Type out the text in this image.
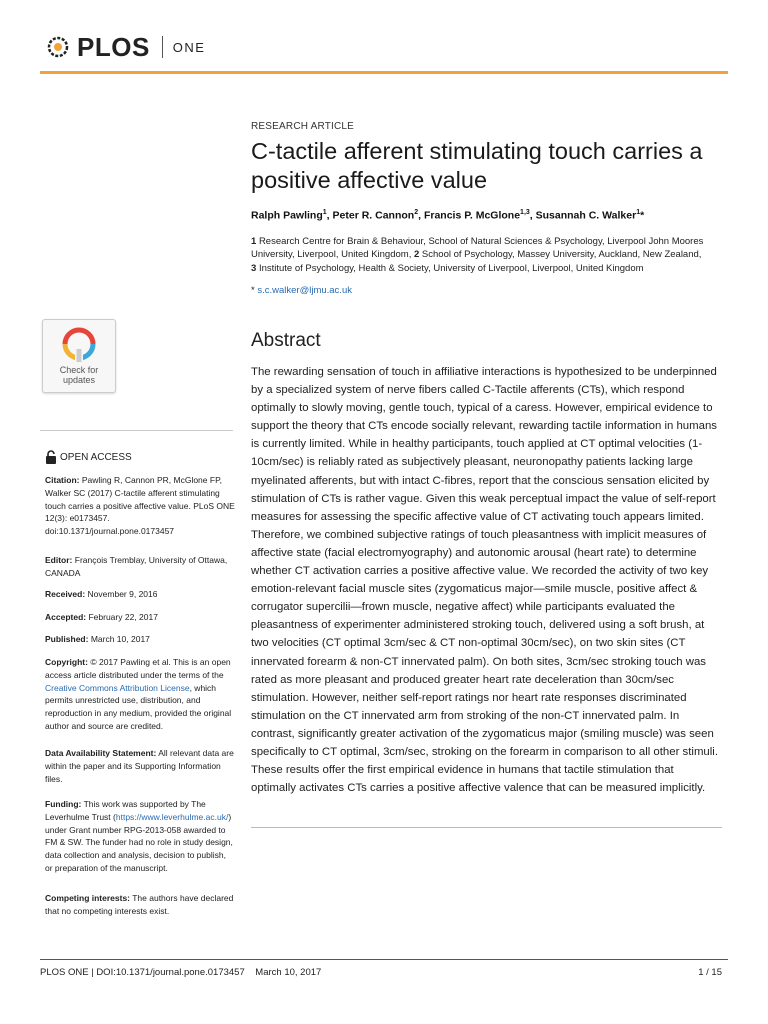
PLOS ONE
RESEARCH ARTICLE
C-tactile afferent stimulating touch carries a positive affective value
Ralph Pawling$^1$, Peter R. Cannon$^2$, Francis P. McGlone$^{1,3}$, Susannah C. Walker$^1$*
1 Research Centre for Brain & Behaviour, School of Natural Sciences & Psychology, Liverpool John Moores University, Liverpool, United Kingdom, 2 School of Psychology, Massey University, Auckland, New Zealand,
3 Institute of Psychology, Health & Society, University of Liverpool, Liverpool, United Kingdom
* s.c.walker@ljmu.ac.uk
Abstract

The rewarding sensation of touch in affiliative interactions is hypothesized to be underpinned by a specialized system of nerve fibers called C-Tactile afferents (CTs), which respond optimally to slowly moving, gentle touch, typical of a caress. However, empirical evidence to support the theory that CTs encode socially relevant, rewarding tactile information in humans is currently limited. While in healthy participants, touch applied at CT optimal velocities (1-10cm/sec) is reliably rated as subjectively pleasant, neuronopathy patients lacking large myelinated afferents, but with intact C-fibres, report that the conscious sensation elicited by stimulation of CTs is rather vague. Given this weak perceptual impact the value of self-report measures for assessing the specific affective value of CT activating touch appears limited. Therefore, we combined subjective ratings of touch pleasantness with implicit measures of affective state (facial electromyography) and autonomic arousal (heart rate) to determine whether CT activation carries a positive affective value. We recorded the activity of two key emotion-relevant facial muscle sites (zygomaticus major—smile muscle, positive affect & corrugator supercilii—frown muscle, negative affect) while participants evaluated the pleasantness of experimenter administered stroking touch, delivered using a soft brush, at two velocities (CT optimal 3cm/sec & CT non-optimal 30cm/sec), on two skin sites (CT innervated forearm & non-CT innervated palm). On both sites, 3cm/sec stroking touch was rated as more pleasant and produced greater heart rate deceleration than 30cm/sec stimulation. However, neither self-report ratings nor heart rate responses discriminated stimulation on the CT innervated arm from stroking of the non-CT innervated palm. In contrast, significantly greater activation of the zygomaticus major (smiling muscle) was seen specifically to CT optimal, 3cm/sec, stroking on the forearm in comparison to all other stimuli. These results offer the first empirical evidence in humans that tactile stimulation that optimally activates CTs carries a positive affective valence that can be measured implicitly.

Check for
updates
OPEN ACCESS

Citation: Pawling R, Cannon PR, McGlone FP, Walker SC (2017) C-tactile afferent stimulating touch carries a positive affective value. PLoS ONE 12(3): e0173457. doi:10.1371/journal.pone.0173457

Editor: François Tremblay, University of Ottawa, CANADA

Received: November 9, 2016

Accepted: February 22, 2017

Published: March 10, 2017

Copyright: © 2017 Pawling et al. This is an open access article distributed under the terms of the Creative Commons Attribution License, which permits unrestricted use, distribution, and reproduction in any medium, provided the original author and source are credited.

Data Availability Statement: All relevant data are within the paper and its Supporting Information files.

Funding: This work was supported by The Leverhulme Trust (https://www.leverhulme.ac.uk/) under Grant number RPG-2013-058 awarded to FM & SW. The funder had no role in study design, data collection and analysis, decision to publish, or preparation of the manuscript.

Competing interests: The authors have declared that no competing interests exist.

PLOS ONE | DOI:10.1371/journal.pone.0173457    March 10, 2017	1 / 15
